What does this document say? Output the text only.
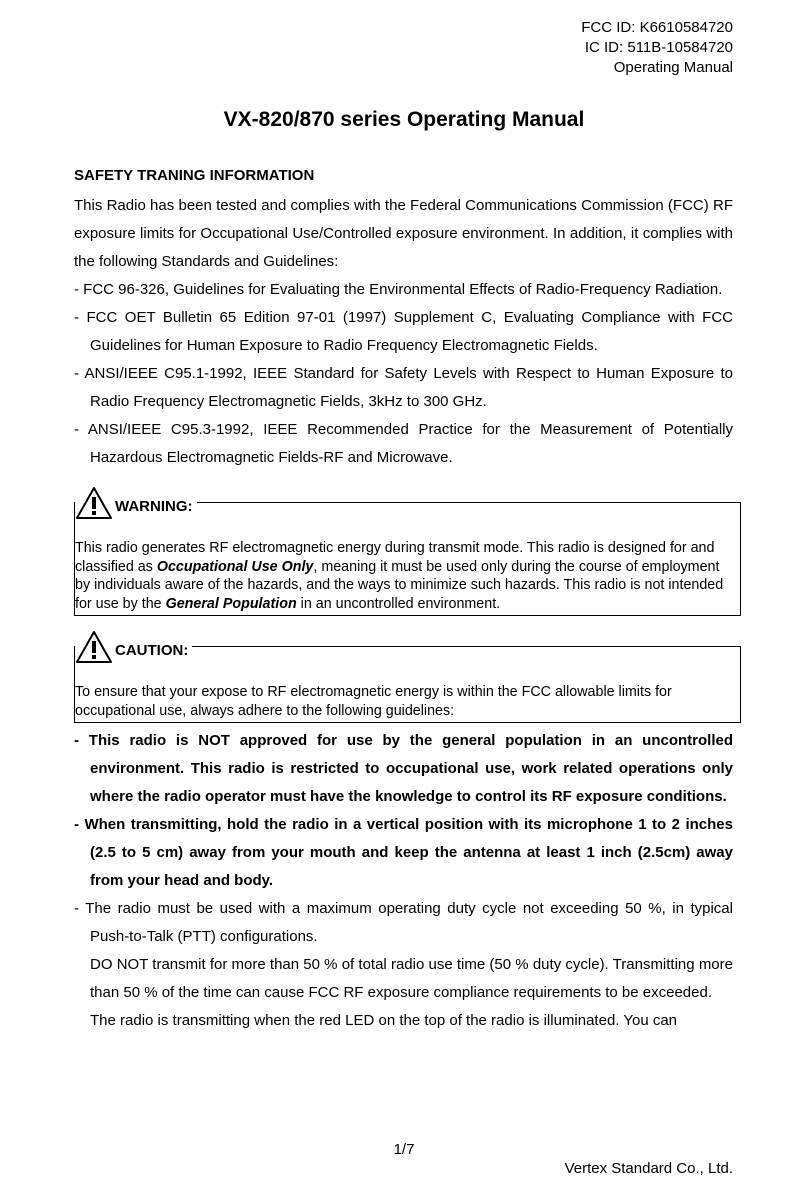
FCC ID: K6610584720
IC ID: 511B-10584720
Operating Manual
VX-820/870 series Operating Manual
SAFETY TRANING INFORMATION
This Radio has been tested and complies with the Federal Communications Commission (FCC) RF exposure limits for Occupational Use/Controlled exposure environment. In addition, it complies with the following Standards and Guidelines:
- FCC 96-326, Guidelines for Evaluating the Environmental Effects of Radio-Frequency Radiation.
- FCC OET Bulletin 65 Edition 97-01 (1997) Supplement C, Evaluating Compliance with FCC Guidelines for Human Exposure to Radio Frequency Electromagnetic Fields.
- ANSI/IEEE C95.1-1992, IEEE Standard for Safety Levels with Respect to Human Exposure to Radio Frequency Electromagnetic Fields, 3kHz to 300 GHz.
- ANSI/IEEE C95.3-1992, IEEE Recommended Practice for the Measurement of Potentially Hazardous Electromagnetic Fields-RF and Microwave.
WARNING:
This radio generates RF electromagnetic energy during transmit mode. This radio is designed for and classified as Occupational Use Only, meaning it must be used only during the course of employment by individuals aware of the hazards, and the ways to minimize such hazards. This radio is not intended for use by the General Population in an uncontrolled environment.
CAUTION:
To ensure that your expose to RF electromagnetic energy is within the FCC allowable limits for occupational use, always adhere to the following guidelines:
- This radio is NOT approved for use by the general population in an uncontrolled environment. This radio is restricted to occupational use, work related operations only where the radio operator must have the knowledge to control its RF exposure conditions.
- When transmitting, hold the radio in a vertical position with its microphone 1 to 2 inches (2.5 to 5 cm) away from your mouth and keep the antenna at least 1 inch (2.5cm) away from your head and body.
- The radio must be used with a maximum operating duty cycle not exceeding 50 %, in typical Push-to-Talk (PTT) configurations.
DO NOT transmit for more than 50 % of total radio use time (50 % duty cycle). Transmitting more than 50 % of the time can cause FCC RF exposure compliance requirements to be exceeded.
The radio is transmitting when the red LED on the top of the radio is illuminated. You can
1/7
Vertex Standard Co., Ltd.
